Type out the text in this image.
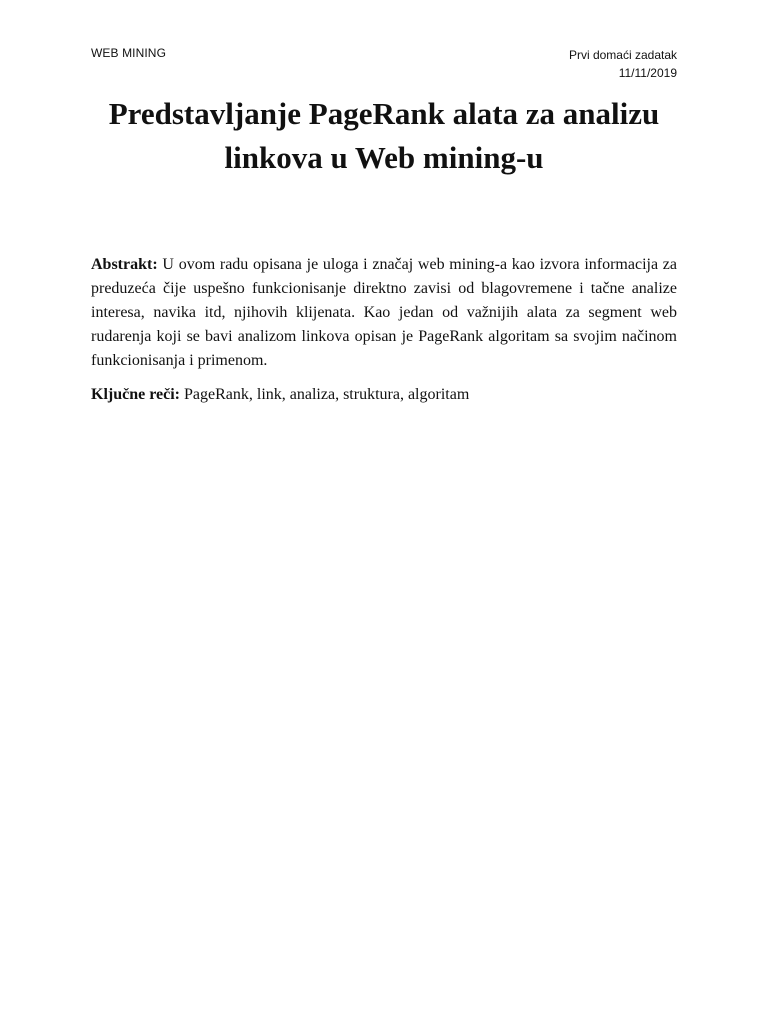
WEB MINING	Prvi domaći zadatak
11/11/2019
Predstavljanje PageRank alata za analizu linkova u Web mining-u

Abstrakt: U ovom radu opisana je uloga i značaj web mining-a kao izvora informacija za preduzeća čije uspešno funkcionisanje direktno zavisi od blagovremene i tačne analize interesa, navika itd, njihovih klijenata. Kao jedan od važnijih alata za segment web rudarenja koji se bavi analizom linkova opisan je PageRank algoritam sa svojim načinom funkcionisanja i primenom.

Ključne reči: PageRank, link, analiza, struktura, algoritam
